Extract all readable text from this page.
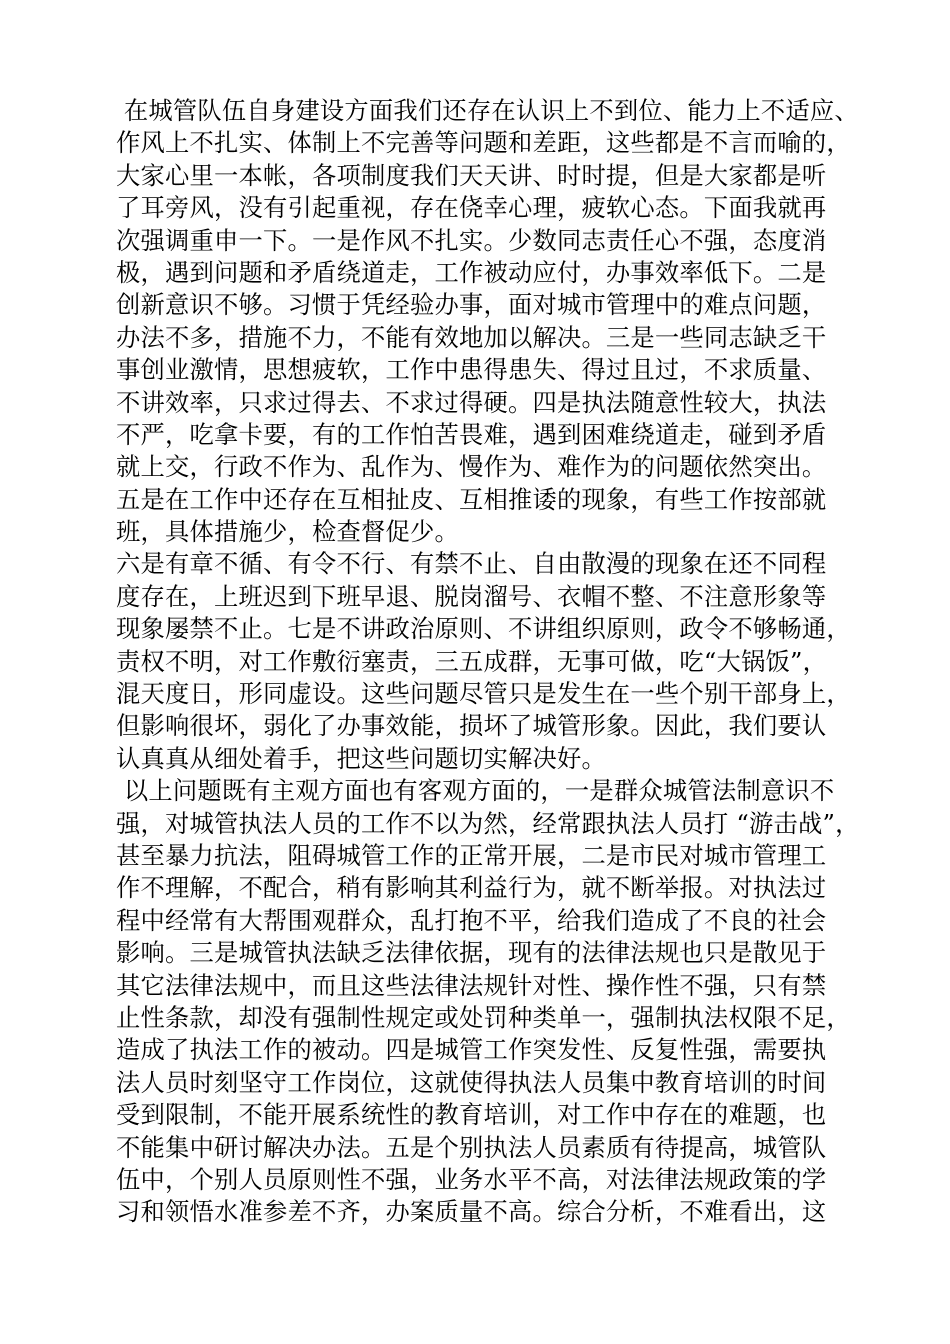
在城管队伍自身建设方面我们还存在认识上不到位、能力上不适应、
作风上不扎实、体制上不完善等问题和差距，这些都是不言而喻的，
大家心里一本帐，各项制度我们天天讲、时时提，但是大家都是听
了耳旁风，没有引起重视，存在侥幸心理，疲软心态。下面我就再
次强调重申一下。一是作风不扎实。少数同志责任心不强，态度消
极，遇到问题和矛盾绕道走，工作被动应付，办事效率低下。二是
创新意识不够。习惯于凭经验办事，面对城市管理中的难点问题，
办法不多，措施不力，不能有效地加以解决。三是一些同志缺乏干
事创业激情，思想疲软，工作中患得患失、得过且过，不求质量、
不讲效率，只求过得去、不求过得硬。四是执法随意性较大，执法
不严，吃拿卡要，有的工作怕苦畏难，遇到困难绕道走，碰到矛盾
就上交，行政不作为、乱作为、慢作为、难作为的问题依然突出。
五是在工作中还存在互相扯皮、互相推诿的现象，有些工作按部就
班，具体措施少，检查督促少。
六是有章不循、有令不行、有禁不止、自由散漫的现象在还不同程
度存在，上班迟到下班早退、脱岗溜号、衣帽不整、不注意形象等
现象屡禁不止。七是不讲政治原则、不讲组织原则，政令不够畅通，
责权不明，对工作敷衍塞责，三五成群，无事可做，吃“大锅饭”，
混天度日，形同虚设。这些问题尽管只是发生在一些个别干部身上，
但影响很坏，弱化了办事效能，损坏了城管形象。因此，我们要认
认真真从细处着手，把这些问题切实解决好。
以上问题既有主观方面也有客观方面的，一是群众城管法制意识不
强，对城管执法人员的工作不以为然，经常跟执法人员打 “游击战”，
甚至暴力抗法，阻碍城管工作的正常开展，二是市民对城市管理工
作不理解，不配合，稍有影响其利益行为，就不断举报。对执法过
程中经常有大帮围观群众，乱打抱不平，给我们造成了不良的社会
影响。三是城管执法缺乏法律依据，现有的法律法规也只是散见于
其它法律法规中，而且这些法律法规针对性、操作性不强，只有禁
止性条款，却没有强制性规定或处罚种类单一，强制执法权限不足，
造成了执法工作的被动。四是城管工作突发性、反复性强，需要执
法人员时刻坚守工作岗位，这就使得执法人员集中教育培训的时间
受到限制，不能开展系统性的教育培训，对工作中存在的难题，也
不能集中研讨解决办法。五是个别执法人员素质有待提高，城管队
伍中，个别人员原则性不强，业务水平不高，对法律法规政策的学
习和领悟水准参差不齐，办案质量不高。综合分析，不难看出，这
